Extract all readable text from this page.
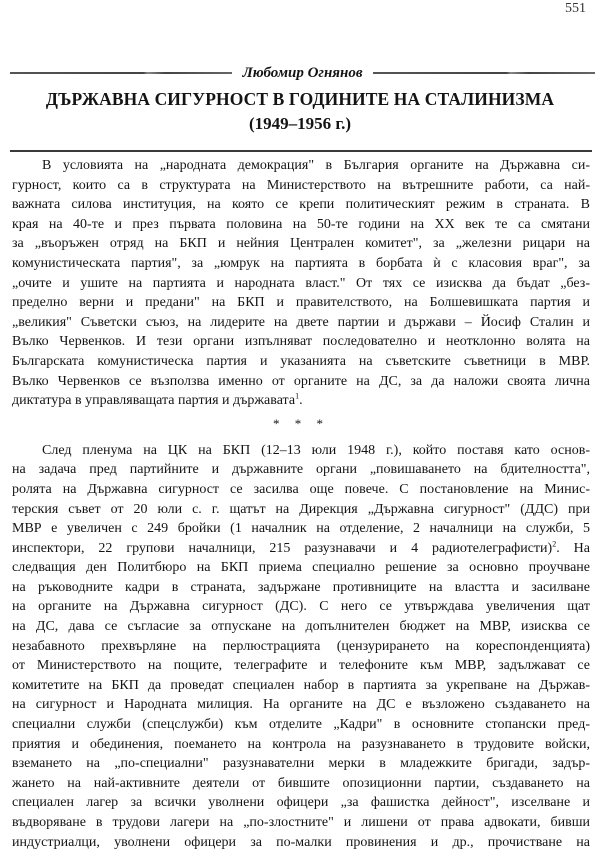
551
Любомир Огнянов
ДЪРЖАВНА СИГУРНОСТ В ГОДИНИТЕ НА СТАЛИНИЗМА
(1949–1956 г.)
В условията на „народната демокрация" в България органите на Държавна си-
гурност, които са в структурата на Министерството на вътрешните работи, са най-
важната силова институция, на която се крепи политическият режим в страната. В
края на 40-те и през първата половина на 50-те години на XX век те са смятани
за „въоръжен отряд на БКП и нейния Централен комитет", за „железни рицари на
комунистическата партия", за „юмрук на партията в борбата ѝ с класовия враг", за
„очите и ушите на партията и народната власт." От тях се изисква да бъдат „без-
пределно верни и предани" на БКП и правителството, на Болшевишката партия и
„великия" Съветски съюз, на лидерите на двете партии и държави – Йосиф Сталин и
Вълко Червенков. И тези органи изпълняват последователно и неотклонно волята на
Българската комунистическа партия и указанията на съветските съветници в МВР.
Вълко Червенков се възползва именно от органите на ДС, за да наложи своята лична
диктатура в управляващата партия и държавата$^1$.
* * *
След пленума на ЦК на БКП (12–13 юли 1948 г.), който поставя като основ-
на задача пред партийните и държавните органи „повишаването на бдителността",
ролята на Държавна сигурност се засилва още повече. С постановление на Минис-
терския съвет от 20 юли с. г. щатът на Дирекция „Държавна сигурност" (ДДС) при
МВР е увеличен с 249 бройки (1 началник на отделение, 2 началници на служби, 5
инспектори, 22 групови началници, 215 разузнавачи и 4 радиотелеграфисти)$^2$. На
следващия ден Политбюро на БКП приема специално решение за основно проучване
на ръководните кадри в страната, задържане противниците на властта и засилване
на органите на Държавна сигурност (ДС). С него се утвърждава увеличения щат
на ДС, дава се съгласие за отпускане на допълнителен бюджет на МВР, изисква се
незабавното прехвърляне на перлюстрацията (цензурирането на кореспонденцията)
от Министерството на пощите, телеграфите и телефоните към МВР, задължават се
комитетите на БКП да проведат специален набор в партията за укрепване на Държав-
на сигурност и Народната милиция. На органите на ДС е възложено създаването на
специални служби (спецслужби) към отделите „Кадри" в основните стопански пред-
приятия и обединения, поемането на контрола на разузнаването в трудовите войски,
вземането на „по-специални" разузнавателни мерки в младежките бригади, задър-
жането на най-активните деятели от бившите опозиционни партии, създаването на
специален лагер за всички уволнени офицери „за фашистка дейност", изселване и
въдворяване в трудови лагери на „по-злостните" и лишени от права адвокати, бивши
индустриалци, уволнени офицери за по-малки провинения и др., прочистване на
